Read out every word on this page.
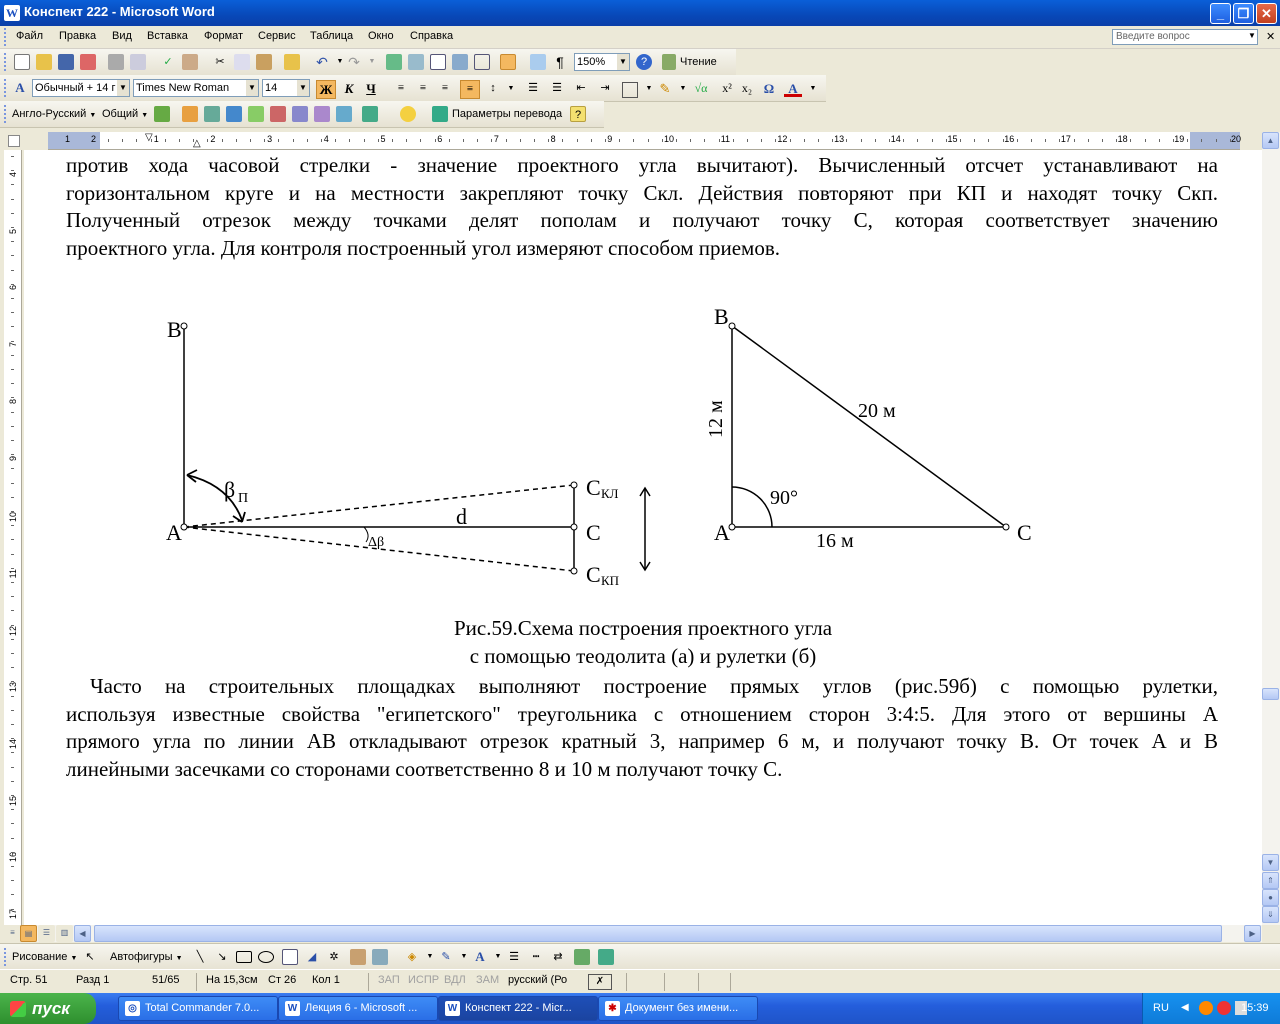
W Конспект 222 - Microsoft Word	_	❐ ✕
Файл Правка Вид Вставка Формат Сервис Таблица Окно Справка	Введите вопрос	▼ ✕
✓	✂	↶	▼ ↷	▼	¶	150% ▼	?	Чтение
A Обычный + 14 г ▼ Times New Roman ▼ 14	▼ Ж К Ч	≡	≡	≡	≡	↕	▼	☰	☰	⇤	⇥	▼ ✎	▼ √α	x² x₂ Ω	A	▼
Англо-Русский ▼ Общий ▼	Параметры перевода	?
1 2	1	2	3	4	5	6	7	8	9	10	11	12	13	14	15	16	17	18	19	20
▽
△
4
5
6
7
8
9
10
11
12
13
14
15
16
17
против хода часовой стрелки - значение проектного угла вычитают). Вычисленный отсчет устанавливают на
горизонтальном круге и на местности закрепляют точку Скл. Действия повторяют при КП и находят точку Скп.
Полученный отрезок между точками делят пополам и получают точку С, которая соответствует значению
проектного угла. Для контроля построенный угол измеряют способом приемов.
В
А	С
β П	С КЛ
С КП
d
Δβ
В
А	С
12 м	20 м
16 м
90°
Рис.59.Схема построения проектного угла
с помощью теодолита (а) и рулетки (б)
Часто на строительных площадках выполняют построение прямых углов (рис.59б) с помощью рулетки,
используя известные свойства "египетского" треугольника с отношением сторон 3:4:5. Для этого от вершины А
прямого угла по линии АВ откладывают отрезок кратный 3, например 6 м, и получают точку В. От точек А и В
линейными засечками со сторонами соответственно 8 и 10 м получают точку С.
▲
▼
⇑
●
⇓
≡	▤	☰	▥	◀	▶
Рисование ▼ ↖	Автофигуры ▼	╲	↘	◢	✲	◈	▼ ✎	▼ A	▼ ☰	┅	⇄
Стр. 51	Разд 1	51/65 На 15,3см Ст 26 Кол 1	ЗАП ИСПР ВДЛ ЗАМ русский (Ро	✗
пуск	◎ Total Commander 7.0...	W Лекция 6 - Microsoft ...	W Конспект 222 - Micr...	✱ Документ без имени...	RU ◀	15:39
